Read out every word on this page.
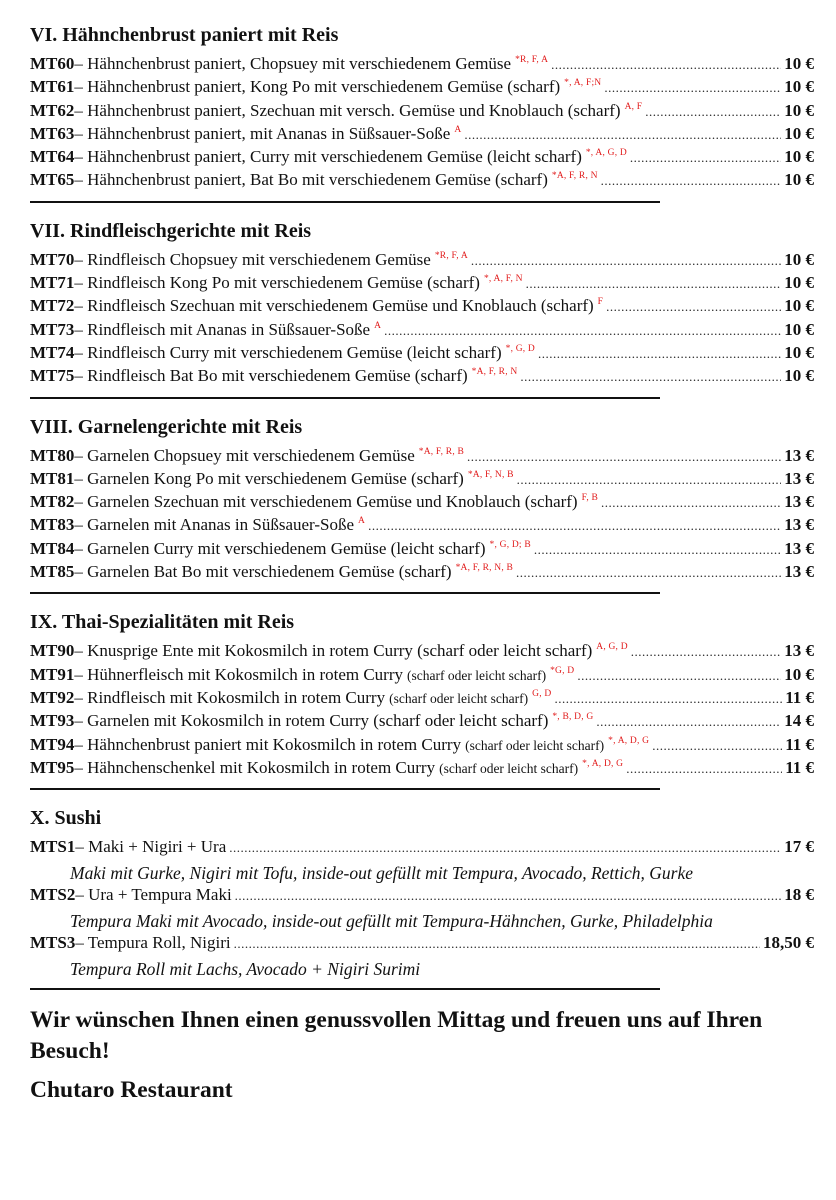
VI. Hähnchenbrust paniert mit Reis
MT60 – Hähnchenbrust paniert, Chopsuey mit verschiedenem Gemüse *R, F, A .....	10 €
MT61 – Hähnchenbrust paniert, Kong Po mit verschiedenem Gemüse (scharf) *, A, F;N .....	10 €
MT62 – Hähnchenbrust paniert, Szechuan mit versch. Gemüse und Knoblauch (scharf) A, F .....	10 €
MT63 – Hähnchenbrust paniert, mit Ananas in Süßsauer-Soße A .....	10 €
MT64 – Hähnchenbrust paniert, Curry mit verschiedenem Gemüse (leicht scharf) *, A, G, D .....	10 €
MT65 – Hähnchenbrust paniert, Bat Bo mit verschiedenem Gemüse (scharf) *A, F, R, N .....	10 €
VII. Rindfleischgerichte mit Reis
MT70 – Rindfleisch Chopsuey mit verschiedenem Gemüse *R, F, A .....	10 €
MT71 – Rindfleisch Kong Po mit verschiedenem Gemüse (scharf) *, A, F, N .....	10 €
MT72 – Rindfleisch Szechuan mit verschiedenem Gemüse und Knoblauch (scharf) F .....	10 €
MT73 – Rindfleisch mit Ananas in Süßsauer-Soße A .....	10 €
MT74 – Rindfleisch Curry mit verschiedenem Gemüse (leicht scharf) *, G, D .....	10 €
MT75 – Rindfleisch Bat Bo mit verschiedenem Gemüse (scharf) *A, F, R, N .....	10 €
VIII. Garnelengerichte mit Reis
MT80 – Garnelen Chopsuey mit verschiedenem Gemüse *A, F, R, B .....	13 €
MT81 – Garnelen Kong Po mit verschiedenem Gemüse (scharf) *A, F, N, B .....	13 €
MT82 – Garnelen Szechuan mit verschiedenem Gemüse und Knoblauch (scharf) F, B .....	13 €
MT83 – Garnelen mit Ananas in Süßsauer-Soße A .....	13 €
MT84 – Garnelen Curry mit verschiedenem Gemüse (leicht scharf) *, G, D; B .....	13 €
MT85 – Garnelen Bat Bo mit verschiedenem Gemüse (scharf) *A, F, R, N, B .....	13 €
IX. Thai-Spezialitäten mit Reis
MT90 – Knusprige Ente mit Kokosmilch in rotem Curry (scharf oder leicht scharf) A, G, D .....	13 €
MT91 – Hühnerfleisch mit Kokosmilch in rotem Curry (scharf oder leicht scharf) *G, D .....	10 €
MT92 – Rindfleisch mit Kokosmilch in rotem Curry (scharf oder leicht scharf) G, D .....	11 €
MT93 – Garnelen mit Kokosmilch in rotem Curry (scharf oder leicht scharf) *, B, D, G .....	14 €
MT94 – Hähnchenbrust paniert mit Kokosmilch in rotem Curry (scharf oder leicht scharf) *, A, D, G .....	11 €
MT95 – Hähnchenschenkel mit Kokosmilch in rotem Curry (scharf oder leicht scharf) *, A, D, G .....	11 €
X. Sushi
MTS1 – Maki + Nigiri + Ura .....	17 €
Maki mit Gurke, Nigiri mit Tofu, inside-out gefüllt mit Tempura, Avocado, Rettich, Gurke
MTS2 – Ura + Tempura Maki .....	18 €
Tempura Maki mit Avocado, inside-out gefüllt mit Tempura-Hähnchen, Gurke, Philadelphia
MTS3 – Tempura Roll, Nigiri .....	18,50 €
Tempura Roll mit Lachs, Avocado + Nigiri Surimi
Wir wünschen Ihnen einen genussvollen Mittag und freuen uns auf Ihren Besuch!
Chutaro Restaurant
